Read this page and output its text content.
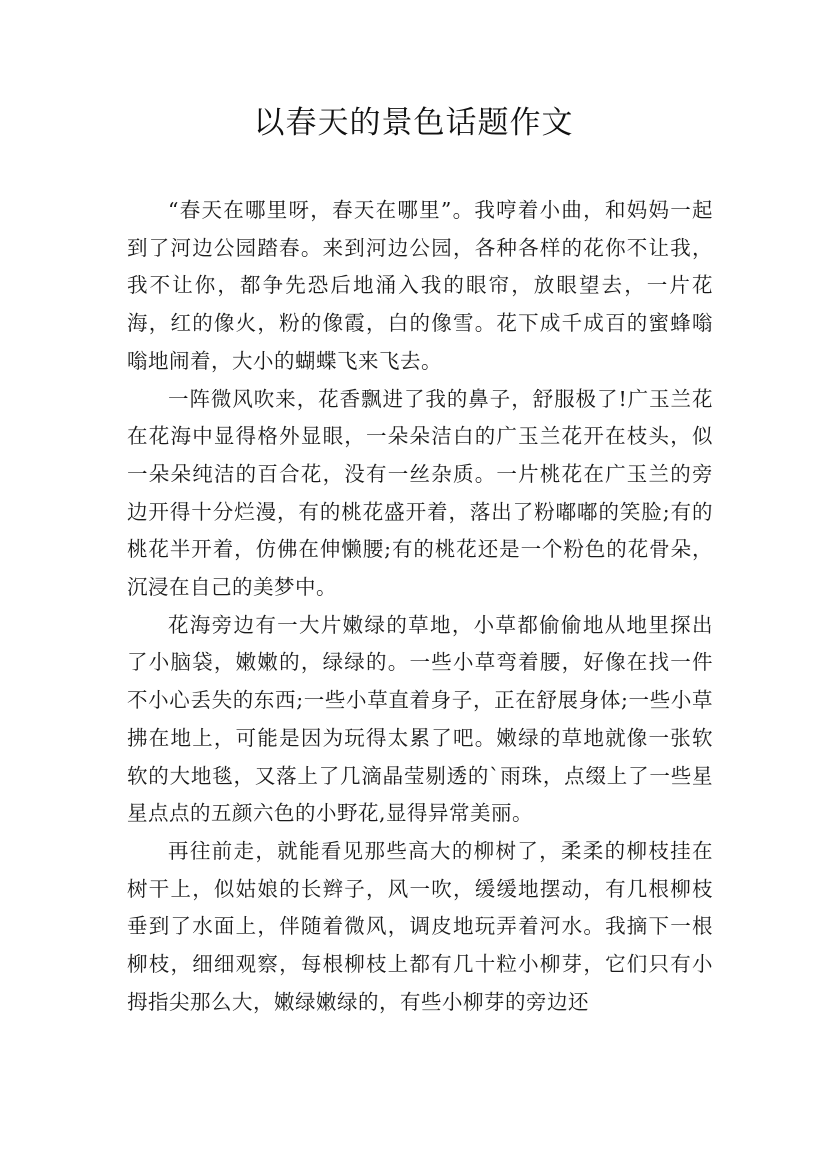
以春天的景色话题作文

“春天在哪里呀，春天在哪里”。我哼着小曲，和妈妈一起到了河边公园踏春。来到河边公园，各种各样的花你不让我，我不让你，都争先恐后地涌入我的眼帘，放眼望去，一片花海，红的像火，粉的像霞，白的像雪。花下成千成百的蜜蜂嗡嗡地闹着，大小的蝴蝶飞来飞去。

一阵微风吹来，花香飘进了我的鼻子，舒服极了!广玉兰花在花海中显得格外显眼，一朵朵洁白的广玉兰花开在枝头，似一朵朵纯洁的百合花，没有一丝杂质。一片桃花在广玉兰的旁边开得十分烂漫，有的桃花盛开着，落出了粉嘟嘟的笑脸;有的桃花半开着，仿佛在伸懒腰;有的桃花还是一个粉色的花骨朵，沉浸在自己的美梦中。

花海旁边有一大片嫩绿的草地，小草都偷偷地从地里探出了小脑袋，嫩嫩的，绿绿的。一些小草弯着腰，好像在找一件不小心丢失的东西;一些小草直着身子，正在舒展身体;一些小草拂在地上，可能是因为玩得太累了吧。嫩绿的草地就像一张软软的大地毯，又落上了几滴晶莹剔透的`雨珠，点缀上了一些星星点点的五颜六色的小野花,显得异常美丽。

再往前走，就能看见那些高大的柳树了，柔柔的柳枝挂在树干上，似姑娘的长辫子，风一吹，缓缓地摆动，有几根柳枝垂到了水面上，伴随着微风，调皮地玩弄着河水。我摘下一根柳枝，细细观察，每根柳枝上都有几十粒小柳芽，它们只有小拇指尖那么大，嫩绿嫩绿的，有些小柳芽的旁边还
